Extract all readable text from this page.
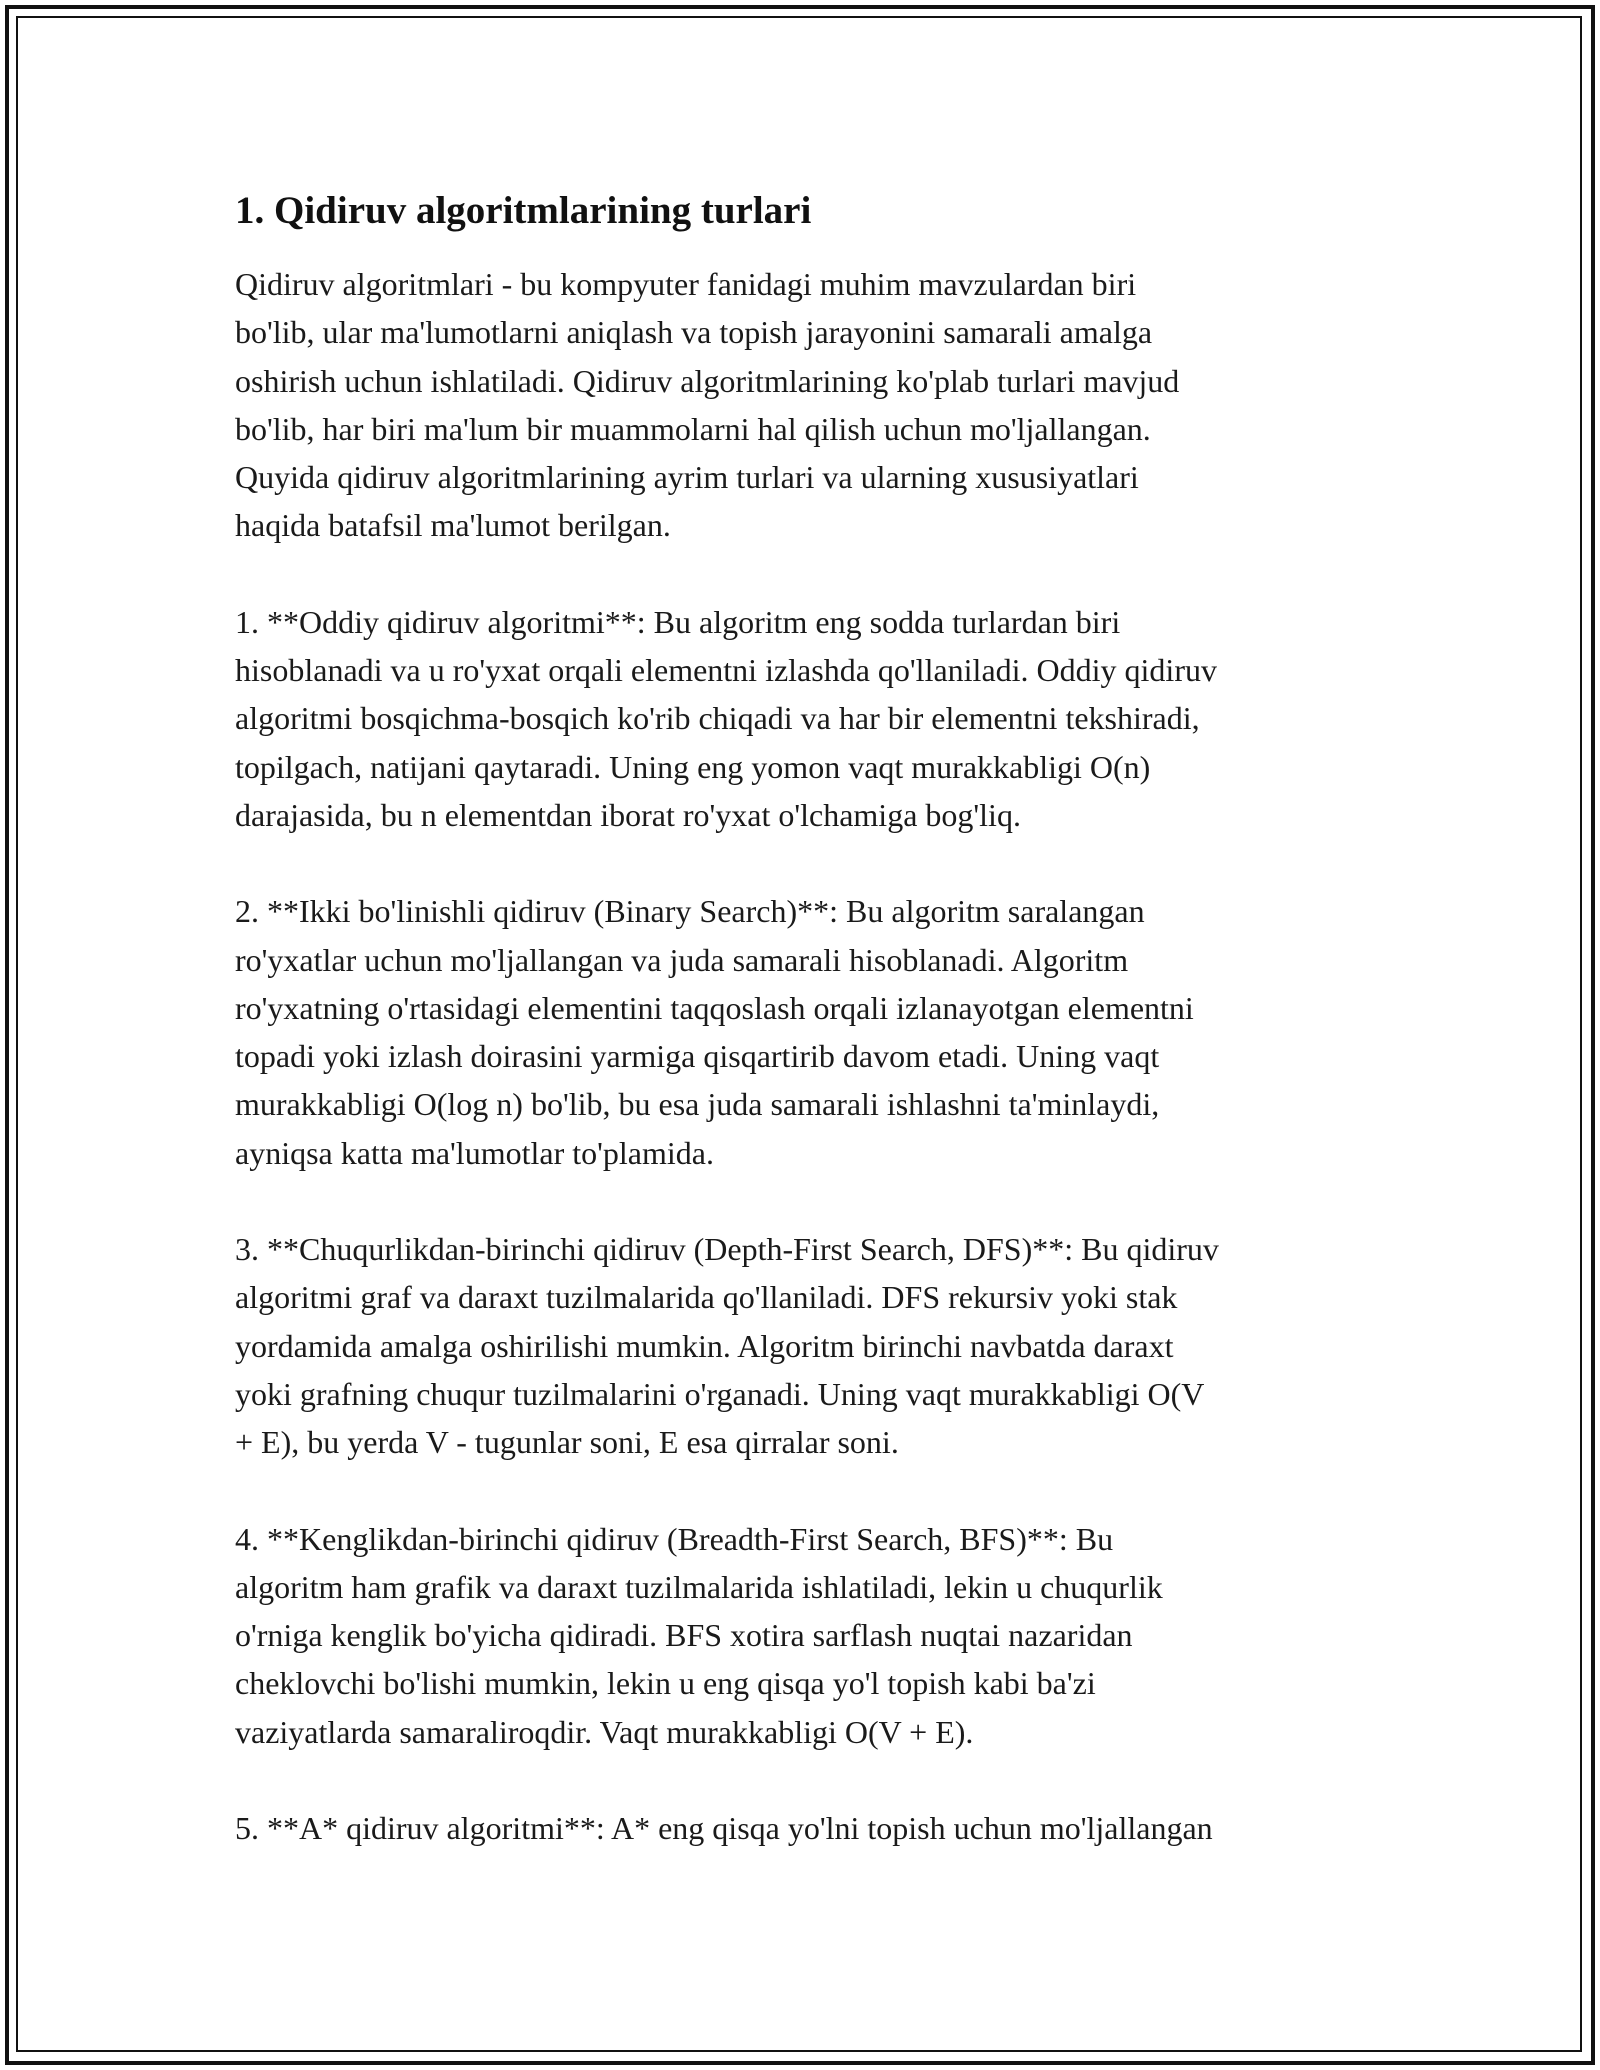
1. Qidiruv algoritmlarining turlari

Qidiruv algoritmlari - bu kompyuter fanidagi muhim mavzulardan biri
bo'lib, ular ma'lumotlarni aniqlash va topish jarayonini samarali amalga
oshirish uchun ishlatiladi. Qidiruv algoritmlarining ko'plab turlari mavjud
bo'lib, har biri ma'lum bir muammolarni hal qilish uchun mo'ljallangan.
Quyida qidiruv algoritmlarining ayrim turlari va ularning xususiyatlari
haqida batafsil ma'lumot berilgan.

1. **Oddiy qidiruv algoritmi**: Bu algoritm eng sodda turlardan biri
hisoblanadi va u ro'yxat orqali elementni izlashda qo'llaniladi. Oddiy qidiruv
algoritmi bosqichma-bosqich ko'rib chiqadi va har bir elementni tekshiradi,
topilgach, natijani qaytaradi. Uning eng yomon vaqt murakkabligi O(n)
darajasida, bu n elementdan iborat ro'yxat o'lchamiga bog'liq.

2. **Ikki bo'linishli qidiruv (Binary Search)**: Bu algoritm saralangan
ro'yxatlar uchun mo'ljallangan va juda samarali hisoblanadi. Algoritm
ro'yxatning o'rtasidagi elementini taqqoslash orqali izlanayotgan elementni
topadi yoki izlash doirasini yarmiga qisqartirib davom etadi. Uning vaqt
murakkabligi O(log n) bo'lib, bu esa juda samarali ishlashni ta'minlaydi,
ayniqsa katta ma'lumotlar to'plamida.

3. **Chuqurlikdan-birinchi qidiruv (Depth-First Search, DFS)**: Bu qidiruv
algoritmi graf va daraxt tuzilmalarida qo'llaniladi. DFS rekursiv yoki stak
yordamida amalga oshirilishi mumkin. Algoritm birinchi navbatda daraxt
yoki grafning chuqur tuzilmalarini o'rganadi. Uning vaqt murakkabligi O(V
+ E), bu yerda V - tugunlar soni, E esa qirralar soni.

4. **Kenglikdan-birinchi qidiruv (Breadth-First Search, BFS)**: Bu
algoritm ham grafik va daraxt tuzilmalarida ishlatiladi, lekin u chuqurlik
o'rniga kenglik bo'yicha qidiradi. BFS xotira sarflash nuqtai nazaridan
cheklovchi bo'lishi mumkin, lekin u eng qisqa yo'l topish kabi ba'zi
vaziyatlarda samaraliroqdir. Vaqt murakkabligi O(V + E).

5. **A* qidiruv algoritmi**: A* eng qisqa yo'lni topish uchun mo'ljallangan
